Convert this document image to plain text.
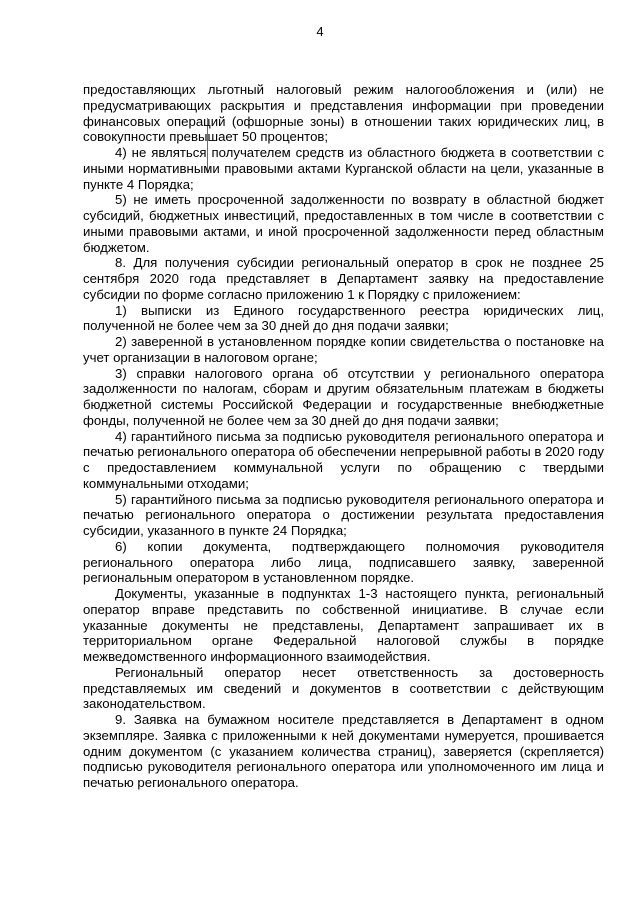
4

предоставляющих льготный налоговый режим налогообложения и (или) не предусматривающих раскрытия и представления информации при проведении финансовых операций (офшорные зоны) в отношении таких юридических лиц, в совокупности превышает 50 процентов;

4) не являться получателем средств из областного бюджета в соответствии с иными нормативными правовыми актами Курганской области на цели, указанные в пункте 4 Порядка;

5) не иметь просроченной задолженности по возврату в областной бюджет субсидий, бюджетных инвестиций, предоставленных в том числе в соответствии с иными правовыми актами, и иной просроченной задолженности перед областным бюджетом.

8. Для получения субсидии региональный оператор в срок не позднее 25 сентября 2020 года представляет в Департамент заявку на предоставление субсидии по форме согласно приложению 1 к Порядку с приложением:

1) выписки из Единого государственного реестра юридических лиц, полученной не более чем за 30 дней до дня подачи заявки;

2) заверенной в установленном порядке копии свидетельства о постановке на учет организации в налоговом органе;

3) справки налогового органа об отсутствии у регионального оператора задолженности по налогам, сборам и другим обязательным платежам в бюджеты бюджетной системы Российской Федерации и государственные внебюджетные фонды, полученной не более чем за 30 дней до дня подачи заявки;

4) гарантийного письма за подписью руководителя регионального оператора и печатью регионального оператора об обеспечении непрерывной работы в 2020 году с предоставлением коммунальной услуги по обращению с твердыми коммунальными отходами;

5) гарантийного письма за подписью руководителя регионального оператора и печатью регионального оператора о достижении результата предоставления субсидии, указанного в пункте 24 Порядка;

6) копии документа, подтверждающего полномочия руководителя регионального оператора либо лица, подписавшего заявку, заверенной региональным оператором в установленном порядке.

Документы, указанные в подпунктах 1-3 настоящего пункта, региональный оператор вправе представить по собственной инициативе. В случае если указанные документы не представлены, Департамент запрашивает их в территориальном органе Федеральной налоговой службы в порядке межведомственного информационного взаимодействия.

Региональный оператор несет ответственность за достоверность представляемых им сведений и документов в соответствии с действующим законодательством.

9. Заявка на бумажном носителе представляется в Департамент в одном экземпляре. Заявка с приложенными к ней документами нумеруется, прошивается одним документом (с указанием количества страниц), заверяется (скрепляется) подписью руководителя регионального оператора или уполномоченного им лица и печатью регионального оператора.
